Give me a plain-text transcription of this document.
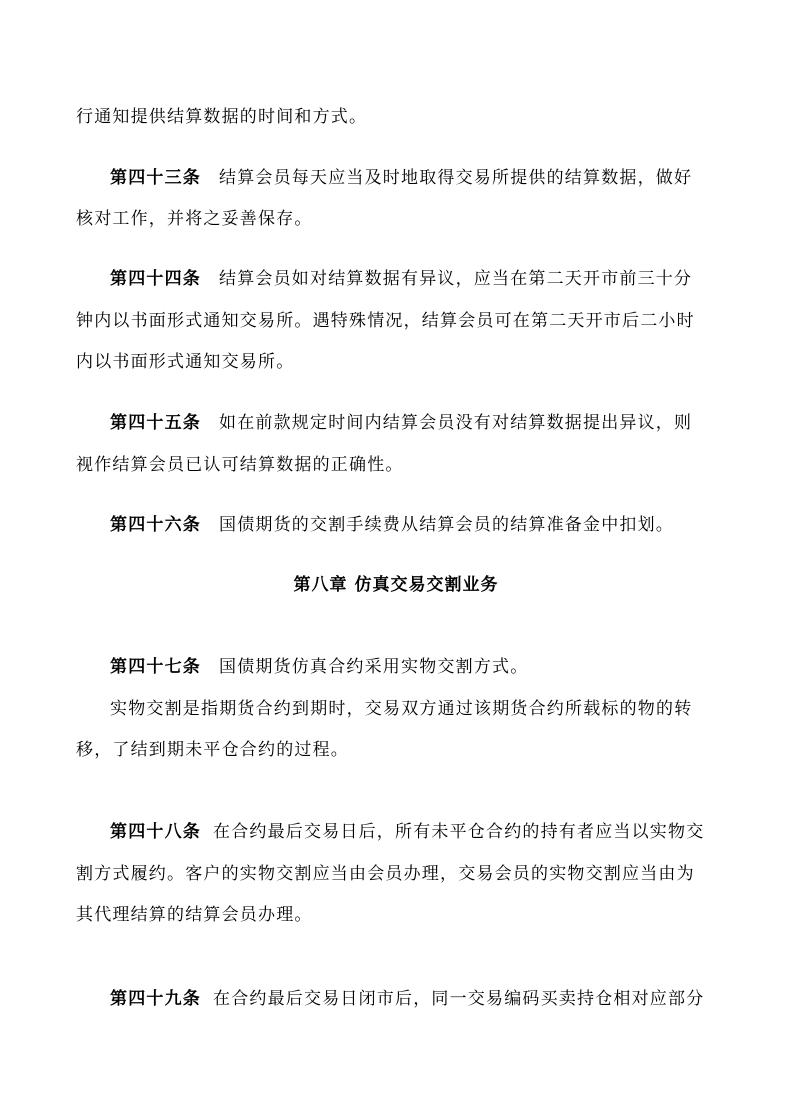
行通知提供结算数据的时间和方式。
第四十三条 结算会员每天应当及时地取得交易所提供的结算数据，做好
核对工作，并将之妥善保存。
第四十四条 结算会员如对结算数据有异议，应当在第二天开市前三十分
钟内以书面形式通知交易所。遇特殊情况，结算会员可在第二天开市后二小时
内以书面形式通知交易所。
第四十五条 如在前款规定时间内结算会员没有对结算数据提出异议，则
视作结算会员已认可结算数据的正确性。
第四十六条 国债期货的交割手续费从结算会员的结算准备金中扣划。
第八章 仿真交易交割业务
第四十七条 国债期货仿真合约采用实物交割方式。
实物交割是指期货合约到期时，交易双方通过该期货合约所载标的物的转
移，了结到期未平仓合约的过程。
第四十八条 在合约最后交易日后，所有未平仓合约的持有者应当以实物交
割方式履约。客户的实物交割应当由会员办理，交易会员的实物交割应当由为
其代理结算的结算会员办理。
第四十九条 在合约最后交易日闭市后，同一交易编码买卖持仓相对应部分
